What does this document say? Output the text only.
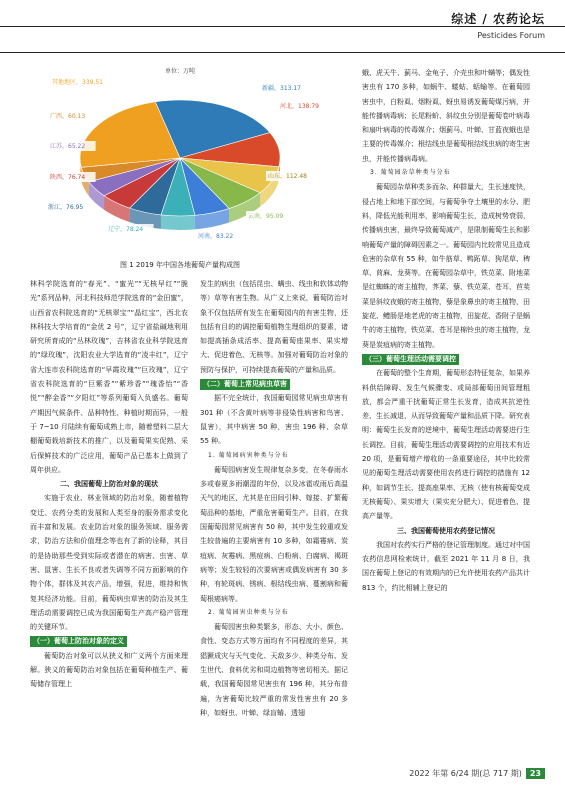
综述 / 农药论坛
Pesticides Forum
单位：万吨
新疆，313.17
河北，138.79
山东，112.48
云南，95.09
河南，83.22
辽宁，78.24
浙江，76.95
陕西，76.74
江苏，65.22
广西，60.13
其他地区，339.51
图 1 2019 年中国各地葡萄产量构成图

林科学院选育的“春光”、“蜜光”“无核早红”“脆光”系列品种，河北科技师范学院选育的“金田蜜”，山西省农科院选育的“无核翠宝”“晶红宝”，西北农林科技大学培育的“金优 2 号”，辽宁省盐碱地利用研究所育成的“丛林玫瑰”，吉林省农业科学院选育的“绿玫瑰”，沈阳农业大学选育的“凌丰红”，辽宁省大连市农科院选育的“早霞玫瑰”“巨玫瑰”，辽宁省农科院选育的“巨紫香”“紫珍香”“瑰香怡”“香悦”“醉金香”“夕阳红”等系列葡萄入负盛名。葡萄产期因气候条件、品种特性、种植时期而异，一般于 7~10 月陆续有葡萄成熟上市，随着塑料二层大棚葡萄栽培新技术的推广，以及葡萄果实促熟、采后保鲜技术的广泛应用，葡萄产品已基本上做到了周年供应。

二、我国葡萄上防治对象的现状

实施于农业、林业领域的防治对象，随着植物变迁、农药分类的发展和人类至身的服务需求变化而丰富和发展。农业防治对象的服务领域、服务需求，防治方法和价值理念等也有了新的诠释，其目的是协助那些受到实际或者潜在的病害、虫害、草害、鼠害、生长不良或者失调等不同方面影响的作物个体，群体及其农产品，增强，促进，维持和恢复其经济功能。目前，葡萄病虫草害的防治及其生理活动需要调控已成为我国葡萄生产高产稳产管理的关键环节。

（一）葡萄上防治对象的定义

葡萄防治对象可以从狭义和广义两个方面来理解。狭义的葡萄防治对象包括在葡萄种植生产、葡萄储存管理上

发生的病虫（包括昆虫、螨虫、线虫和软体动物等）草等有害生物。从广义上来说，葡萄防治对象不仅包括所有发生在葡萄园内的有害生物，还包括有目的的调控葡萄植物生理组织的要素，诸如提高插条成活率、提高葡萄座果率、果实增大、促进着色、无核等。加强对葡萄防治对象的预防与保护，可持续提高葡萄的产量和品质。

（二）葡萄上常见病虫草害

据不完全统计，我国葡萄园常见病虫草害有 301 种（不含黄叶病等非侵染性病害和鸟害、鼠害），其中病害 50 种，害虫 196 种、杂草 55 种。

1. 葡萄园病害种类与分布

葡萄园病害发生规律复杂多变，在冬春雨水多或春夏多雨潮湿的年份，以及冰雹或雨后高温天气的地区，尤其是在田间引种、嫁接、扩繁葡萄品种的基地，严重危害葡萄生产。目前，在我国葡萄园常见病害有 50 种，其中发生较重或发生较普遍的主要病害有 10 多种，如霜霉病、炭疽病、灰霉病、黑痘病、白粉病、白腐病、褐斑病等；发生较轻的次要病害或偶发病害有 30 多种，有轮斑病、锈病、根结线虫病、蔓割病和葡萄根癌病等。

2. 葡萄园害虫种类与分布

葡萄园害虫种类繁多，形态、大小、颜色、食性、变态方式等方面均有不同程度的差异，其猖獗成灾与天气变化、天敌多少、种类分布、发生世代、食料优劣和周边植物等密切相关。据记载，我国葡萄园常见害虫有 196 种，其分布普遍，为害葡萄比较严重的常发性害虫有 20 多种，如蚜虫、叶蝉、绿盲蝽、透翅

蛾、虎天牛、蓟马、金龟子、介壳虫和叶螨等；偶发性害虫有 170 多种，如蜗牛、蝼蛄、蛞蝓等。在葡萄园害虫中，白粉虱、烟粉虱、蚜虫易诱发葡萄煤污病，并能传播病毒病；长尾粉蚧、斜纹虫分别是葡萄卷叶病毒和扇叶病毒的传毒媒介；烟蓟马、叶蝉、甘蓝夜蛾也是主要的传毒媒介；根结线虫是葡萄根结线虫病的寄生害虫，并能传播病毒病。

3. 葡萄园杂草种类与分布

葡萄园杂草种类多而杂、种群量大，生长速度快，侵占地上和地下部空间，与葡萄争夺土壤里的水分、肥料，降低光能利用率，影响葡萄生长，造成树势衰弱，传播病虫害，最终导致葡萄减产，是限制葡萄生长和影响葡萄产量的障碍因素之一。葡萄园内比较常见且造成危害的杂草有 55 种，如牛筋草、鸭跖草、狗尾草、稗草、苘麻、龙葵等。在葡萄园杂草中，铁苋菜、附地菜是红蜘蛛的寄主植物，荠菜、藜、铁苋菜、苍耳、苣荬菜是斜纹夜蛾的寄主植物，藜是象鼻虫的寄主植物，田旋花、鳢肠是地老虎的寄主植物，田旋花、香附子是蜗牛的寄主植物，铁苋菜、苍耳是棉铃虫的寄主植物，龙葵是炭疽病的寄主植物。

（三）葡萄生理活动需要调控

在葡萄的整个生育期，葡萄形态特征复杂，如果养料供给障碍、发生气候骤变、或局部葡萄田间管理粗放，都会严重干扰葡萄正常生长发育，造成其抗逆性差、生长减退，从而导致葡萄产量和品质下降。研究表明：葡萄生长发育的逆境中，葡萄生理活动需要进行生长调控。目前，葡萄生理活动需要调控的应用技术有近 20 项，是葡萄增产增收的一条重要途径，其中比较常见的葡萄生理活动需要使用农药进行调控的措施有 12 种，如调节生长、提高座果率、无核（使有核葡萄变成无核葡萄）、果实增大（果实充分肥大）、促进着色、提高产量等。

三、我国葡萄使用农药登记情况

我国对农药实行严格的登记管理制度。通过对中国农药信息网检索统计，截至 2021 年 11 月 8 日，我国在葡萄上登记的有效期内的已允许使用农药产品共计 813 个，约比相辅上登记的

2022 年第 6/24 期(总 717 期) 23
